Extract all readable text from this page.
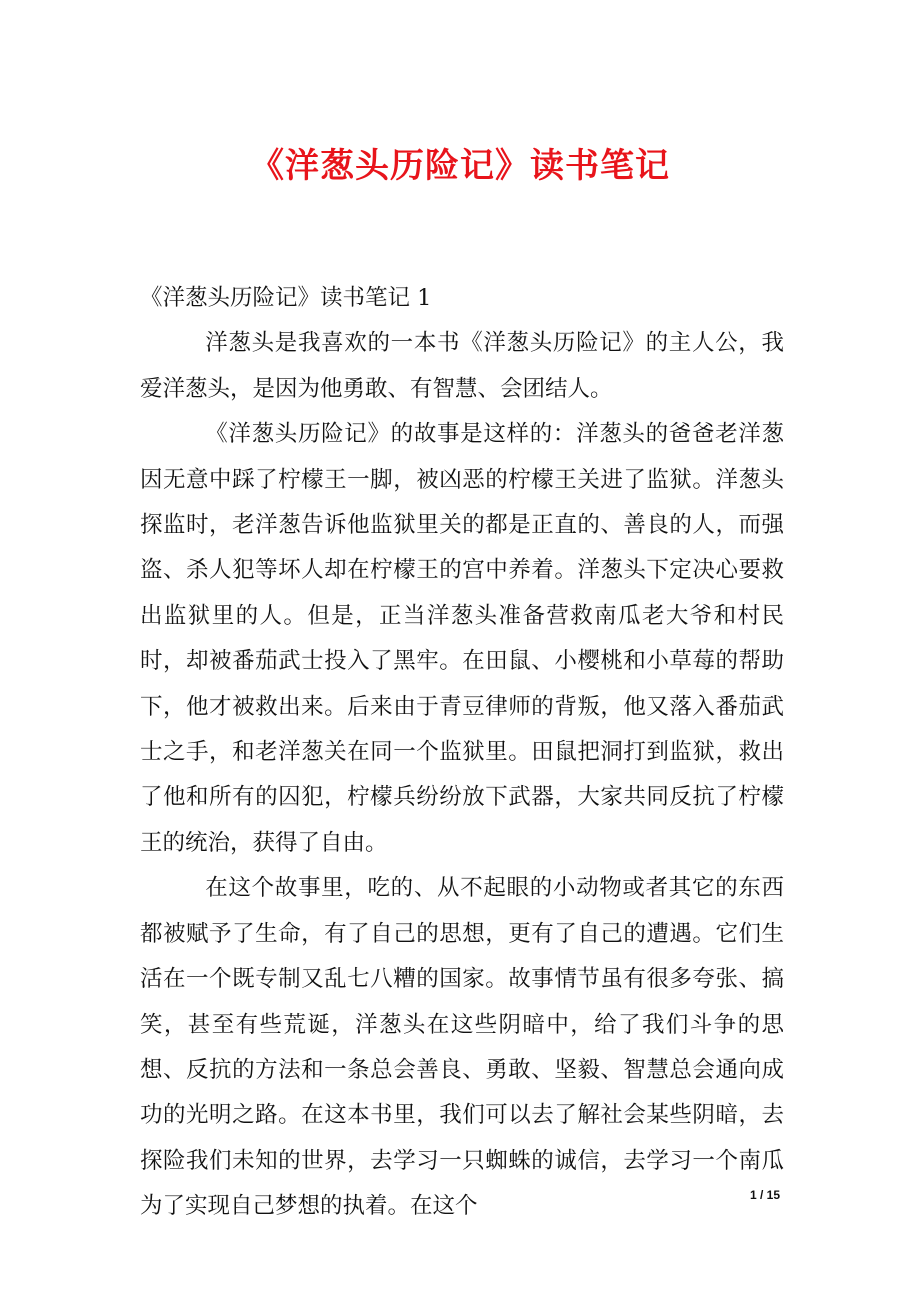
《洋葱头历险记》读书笔记

《洋葱头历险记》读书笔记 1

洋葱头是我喜欢的一本书《洋葱头历险记》的主人公，我爱洋葱头，是因为他勇敢、有智慧、会团结人。

《洋葱头历险记》的故事是这样的：洋葱头的爸爸老洋葱因无意中踩了柠檬王一脚，被凶恶的柠檬王关进了监狱。洋葱头探监时，老洋葱告诉他监狱里关的都是正直的、善良的人，而强盗、杀人犯等坏人却在柠檬王的宫中养着。洋葱头下定决心要救出监狱里的人。但是，正当洋葱头准备营救南瓜老大爷和村民时，却被番茄武士投入了黑牢。在田鼠、小樱桃和小草莓的帮助下，他才被救出来。后来由于青豆律师的背叛，他又落入番茄武士之手，和老洋葱关在同一个监狱里。田鼠把洞打到监狱，救出了他和所有的囚犯，柠檬兵纷纷放下武器，大家共同反抗了柠檬王的统治，获得了自由。

在这个故事里，吃的、从不起眼的小动物或者其它的东西都被赋予了生命，有了自己的思想，更有了自己的遭遇。它们生活在一个既专制又乱七八糟的国家。故事情节虽有很多夸张、搞笑，甚至有些荒诞，洋葱头在这些阴暗中，给了我们斗争的思想、反抗的方法和一条总会善良、勇敢、坚毅、智慧总会通向成功的光明之路。在这本书里，我们可以去了解社会某些阴暗，去探险我们未知的世界，去学习一只蜘蛛的诚信，去学习一个南瓜为了实现自己梦想的执着。在这个	1 / 15
